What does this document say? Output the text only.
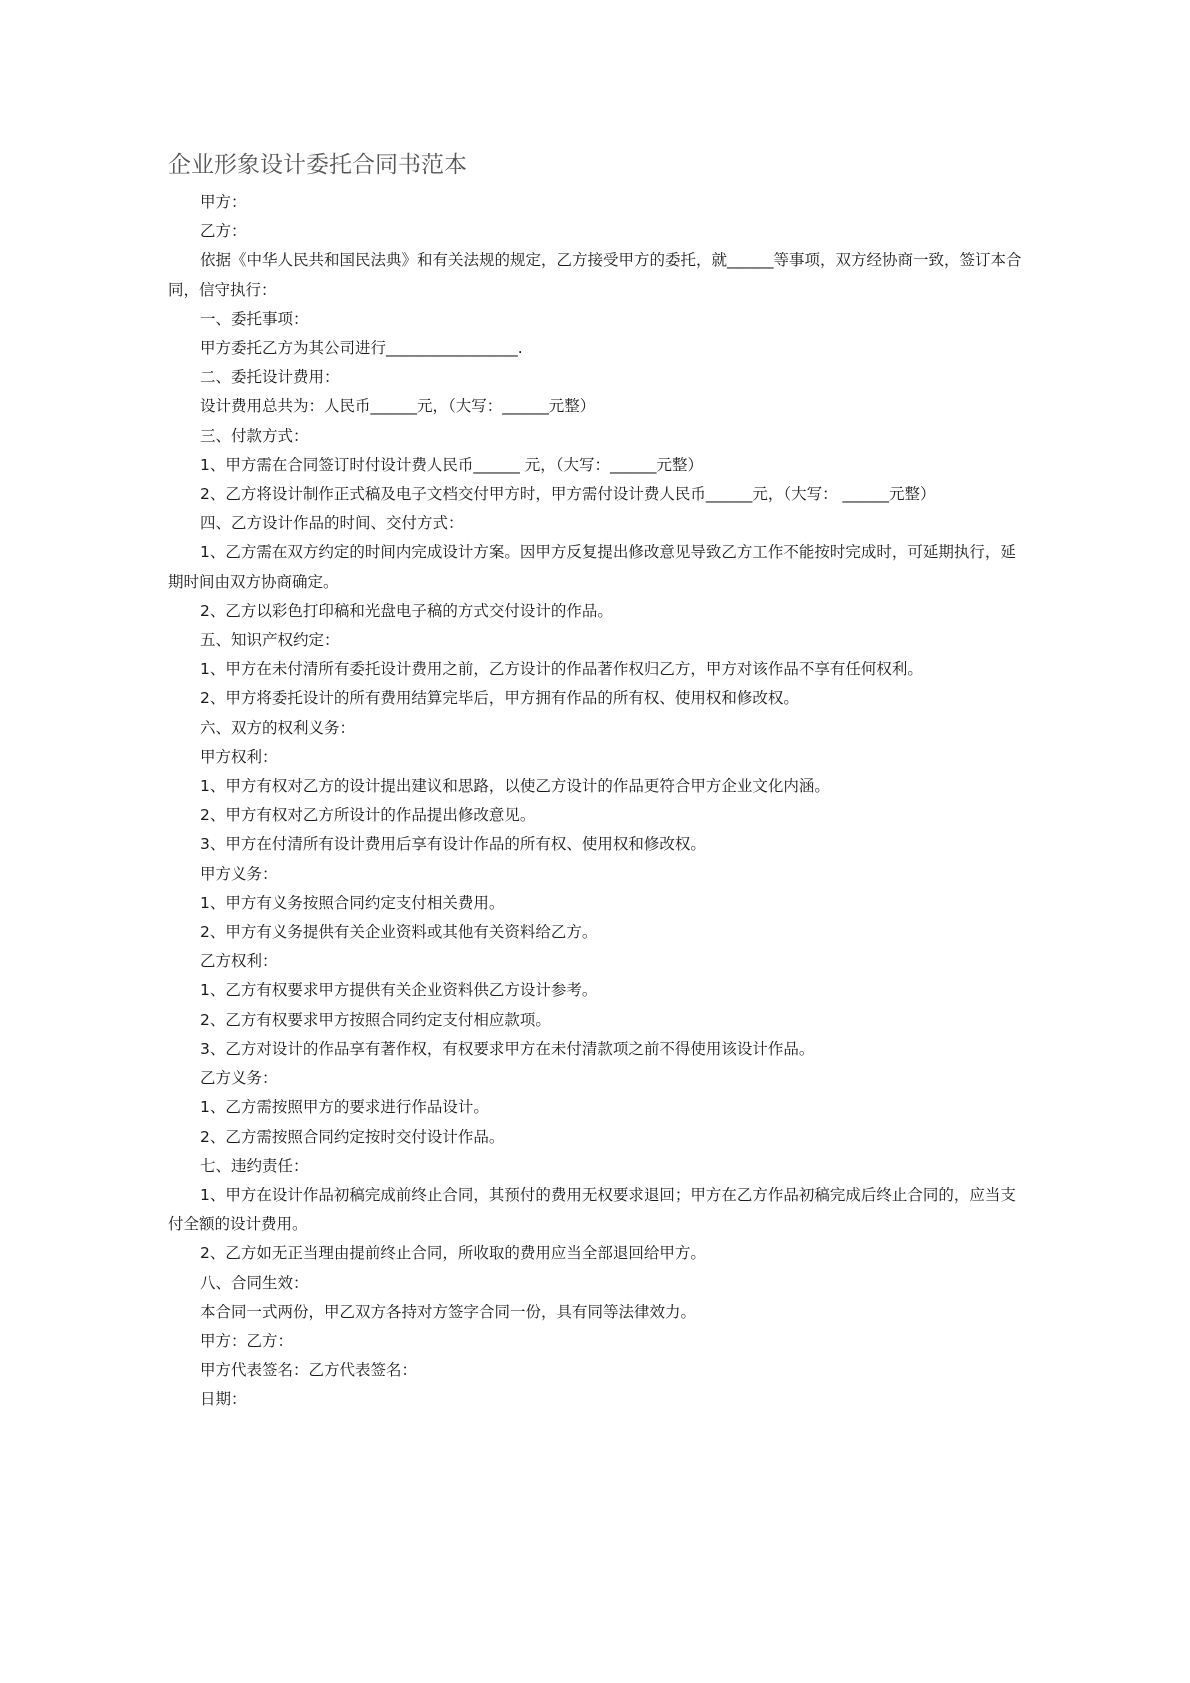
企业形象设计委托合同书范本

甲方：

乙方：

依据《中华人民共和国民法典》和有关法规的规定，乙方接受甲方的委托，就______等事项，双方经协商一致，签订本合同，信守执行：

一、委托事项：

甲方委托乙方为其公司进行_________________.

二、委托设计费用：

设计费用总共为：人民币______元，（大写：______元整）

三、付款方式：

1、甲方需在合同签订时付设计费人民币______ 元，（大写：______元整）

2、乙方将设计制作正式稿及电子文档交付甲方时，甲方需付设计费人民币______元，（大写： ______元整）

四、乙方设计作品的时间、交付方式：

1、乙方需在双方约定的时间内完成设计方案。因甲方反复提出修改意见导致乙方工作不能按时完成时，可延期执行，延期时间由双方协商确定。

2、乙方以彩色打印稿和光盘电子稿的方式交付设计的作品。

五、知识产权约定：

1、甲方在未付清所有委托设计费用之前，乙方设计的作品著作权归乙方，甲方对该作品不享有任何权利。

2、甲方将委托设计的所有费用结算完毕后，甲方拥有作品的所有权、使用权和修改权。

六、双方的权利义务：

甲方权利：

1、甲方有权对乙方的设计提出建议和思路，以使乙方设计的作品更符合甲方企业文化内涵。

2、甲方有权对乙方所设计的作品提出修改意见。

3、甲方在付清所有设计费用后享有设计作品的所有权、使用权和修改权。

甲方义务：

1、甲方有义务按照合同约定支付相关费用。

2、甲方有义务提供有关企业资料或其他有关资料给乙方。

乙方权利：

1、乙方有权要求甲方提供有关企业资料供乙方设计参考。

2、乙方有权要求甲方按照合同约定支付相应款项。

3、乙方对设计的作品享有著作权，有权要求甲方在未付清款项之前不得使用该设计作品。

乙方义务：

1、乙方需按照甲方的要求进行作品设计。

2、乙方需按照合同约定按时交付设计作品。

七、违约责任：

1、甲方在设计作品初稿完成前终止合同，其预付的费用无权要求退回；甲方在乙方作品初稿完成后终止合同的，应当支付全额的设计费用。

2、乙方如无正当理由提前终止合同，所收取的费用应当全部退回给甲方。

八、合同生效：

本合同一式两份，甲乙双方各持对方签字合同一份，具有同等法律效力。

甲方：乙方：

甲方代表签名：乙方代表签名：

日期：
